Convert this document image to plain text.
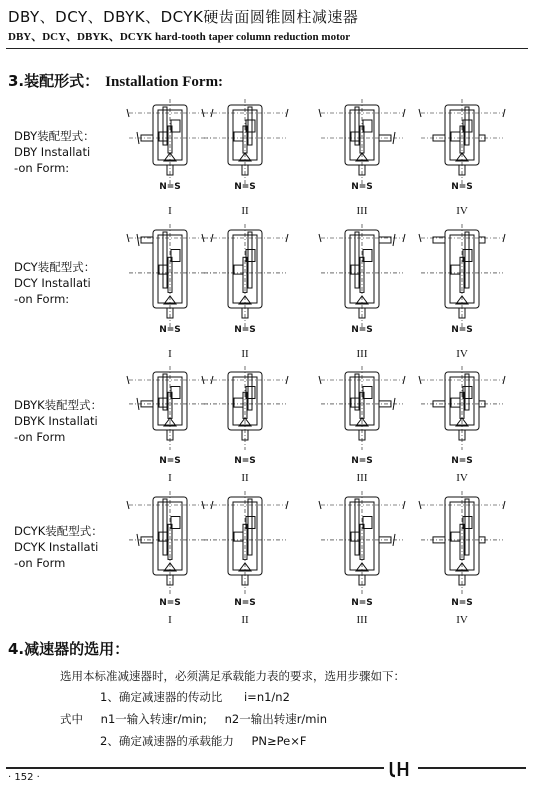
DBY、DCY、DBYK、DCYK硬齿面圆锥圆柱减速器
DBY、DCY、DBYK、DCYK hard-tooth taper column reduction motor
3.装配形式： Installation Form:
DBY装配型式：
DBY Installati
-on Form:
DCY装配型式：
DCY Installati
-on Form:
DBYK装配型式：
DBYK Installati
-on Form
DCYK装配型式：
DCYK Installati
-on Form
N=S
I
N=S
II
N=S
III
N=S
IV
N=S
I
N=S
II
N=S
III
N=S
IV
N=S
I
N=S
II
N=S
III
N=S
IV
N=S
I
N=S
II
N=S
III
N=S
IV
4.减速器的选用：
选用本标准减速器时，必须满足承载能力表的要求，选用步骤如下：
1、确定减速器的传动比 i=n1/n2
式中 n1一输入转速r/min; n2一输出转速r/min
2、确定减速器的承载能力 PN≥Pe×F
· 152 ·
